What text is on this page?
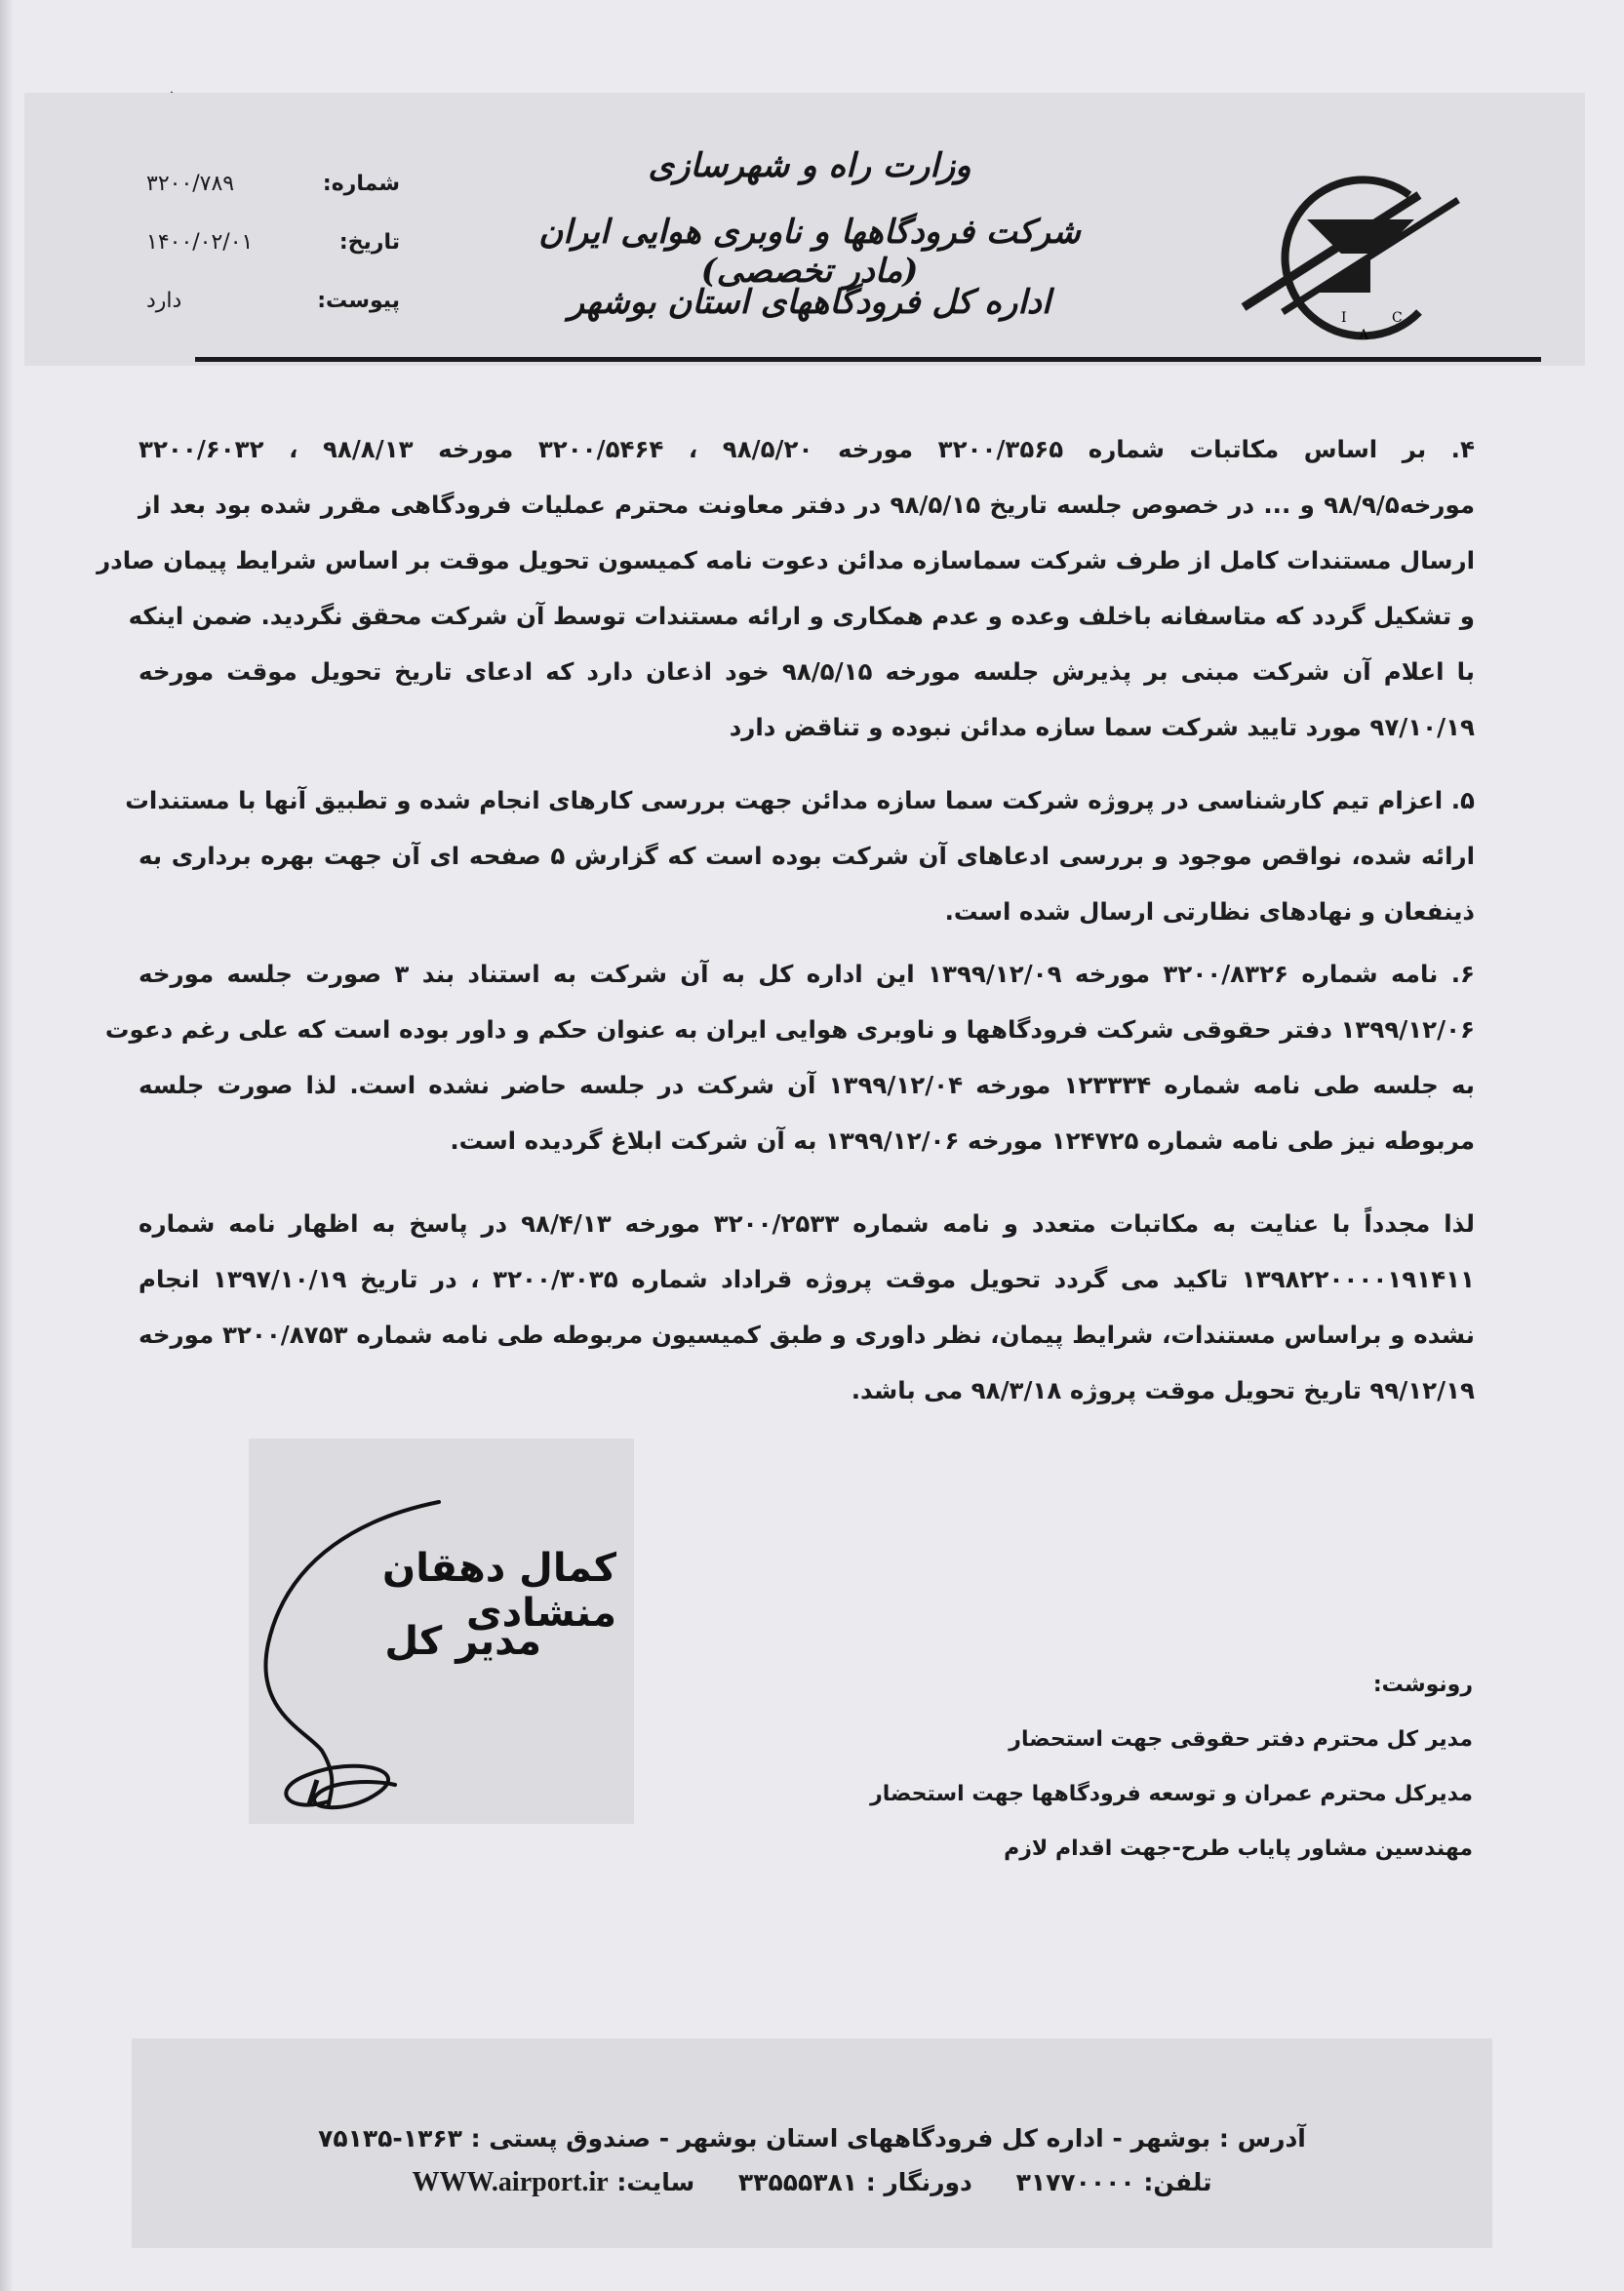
I
A
C
وزارت راه و شهرسازی
شرکت فرودگاهها و ناوبری هوایی ایران (مادر تخصصی)
اداره کل فرودگاههای استان بوشهر
شماره:
۳۲۰۰/۷۸۹
تاریخ:
۱۴۰۰/۰۲/۰۱
پیوست:
دارد
۴. بر اساس مکاتبات شماره ۳۲۰۰/۳۵۶۵ مورخه ۹۸/۵/۲۰ ، ۳۲۰۰/۵۴۶۴ مورخه ۹۸/۸/۱۳ ، ۳۲۰۰/۶۰۳۲
مورخه۹۸/۹/۵ و ... در خصوص جلسه تاریخ ۹۸/۵/۱۵ در دفتر معاونت محترم عملیات فرودگاهی مقرر شده بود بعد از
ارسال مستندات کامل از طرف شرکت سماسازه مدائن دعوت نامه کمیسون تحویل موقت بر اساس شرایط پیمان صادر
و تشکیل گردد که متاسفانه باخلف وعده و عدم همکاری و ارائه مستندات توسط آن شرکت محقق نگردید. ضمن اینکه
با اعلام آن شرکت مبنی بر پذیرش جلسه مورخه ۹۸/۵/۱۵ خود اذعان دارد که ادعای تاریخ تحویل موقت مورخه
۹۷/۱۰/۱۹ مورد تایید شرکت سما سازه مدائن نبوده و تناقض دارد
۵. اعزام تیم کارشناسی در پروژه شرکت سما سازه مدائن جهت بررسی کارهای انجام شده و تطبیق آنها با مستندات
ارائه شده، نواقص موجود و بررسی ادعاهای آن شرکت بوده است که گزارش ۵ صفحه ای آن جهت بهره برداری به
ذینفعان و نهادهای نظارتی ارسال شده است.
۶. نامه شماره ۳۲۰۰/۸۳۲۶ مورخه ۱۳۹۹/۱۲/۰۹ این اداره کل به آن شرکت به استناد بند ۳ صورت جلسه مورخه
۱۳۹۹/۱۲/۰۶ دفتر حقوقی شرکت فرودگاهها و ناوبری هوایی ایران به عنوان حکم و داور بوده است که علی رغم دعوت
به جلسه طی نامه شماره ۱۲۳۳۳۴ مورخه ۱۳۹۹/۱۲/۰۴ آن شرکت در جلسه حاضر نشده است. لذا صورت جلسه
مربوطه نیز طی نامه شماره ۱۲۴۷۲۵ مورخه ۱۳۹۹/۱۲/۰۶ به آن شرکت ابلاغ گردیده است.
لذا مجدداً با عنایت به مکاتبات متعدد و نامه شماره ۳۲۰۰/۲۵۳۳ مورخه ۹۸/۴/۱۳ در پاسخ به اظهار نامه شماره
۱۳۹۸۲۲۰۰۰۰۱۹۱۴۱۱ تاکید می گردد تحویل موقت پروژه قراداد شماره ۳۲۰۰/۳۰۳۵ ، در تاریخ ۱۳۹۷/۱۰/۱۹ انجام
نشده و براساس مستندات، شرایط پیمان، نظر داوری و طبق کمیسیون مربوطه طی نامه شماره ۳۲۰۰/۸۷۵۳ مورخه
۹۹/۱۲/۱۹ تاریخ تحویل موقت پروژه ۹۸/۳/۱۸ می باشد.
کمال دهقان منشادی
مدیر کل
رونوشت:
مدیر کل محترم دفتر حقوقی جهت استحضار
مدیرکل محترم عمران و توسعه فرودگاهها جهت استحضار
مهندسین مشاور پایاب طرح-جهت اقدام لازم
آدرس : بوشهر - اداره کل فرودگاههای استان بوشهر - صندوق پستی : ۱۳۶۳-۷۵۱۳۵
تلفن: ۳۱۷۷۰۰۰۰ دورنگار : ۳۳۵۵۵۳۸۱ سایت: WWW.airport.ir
